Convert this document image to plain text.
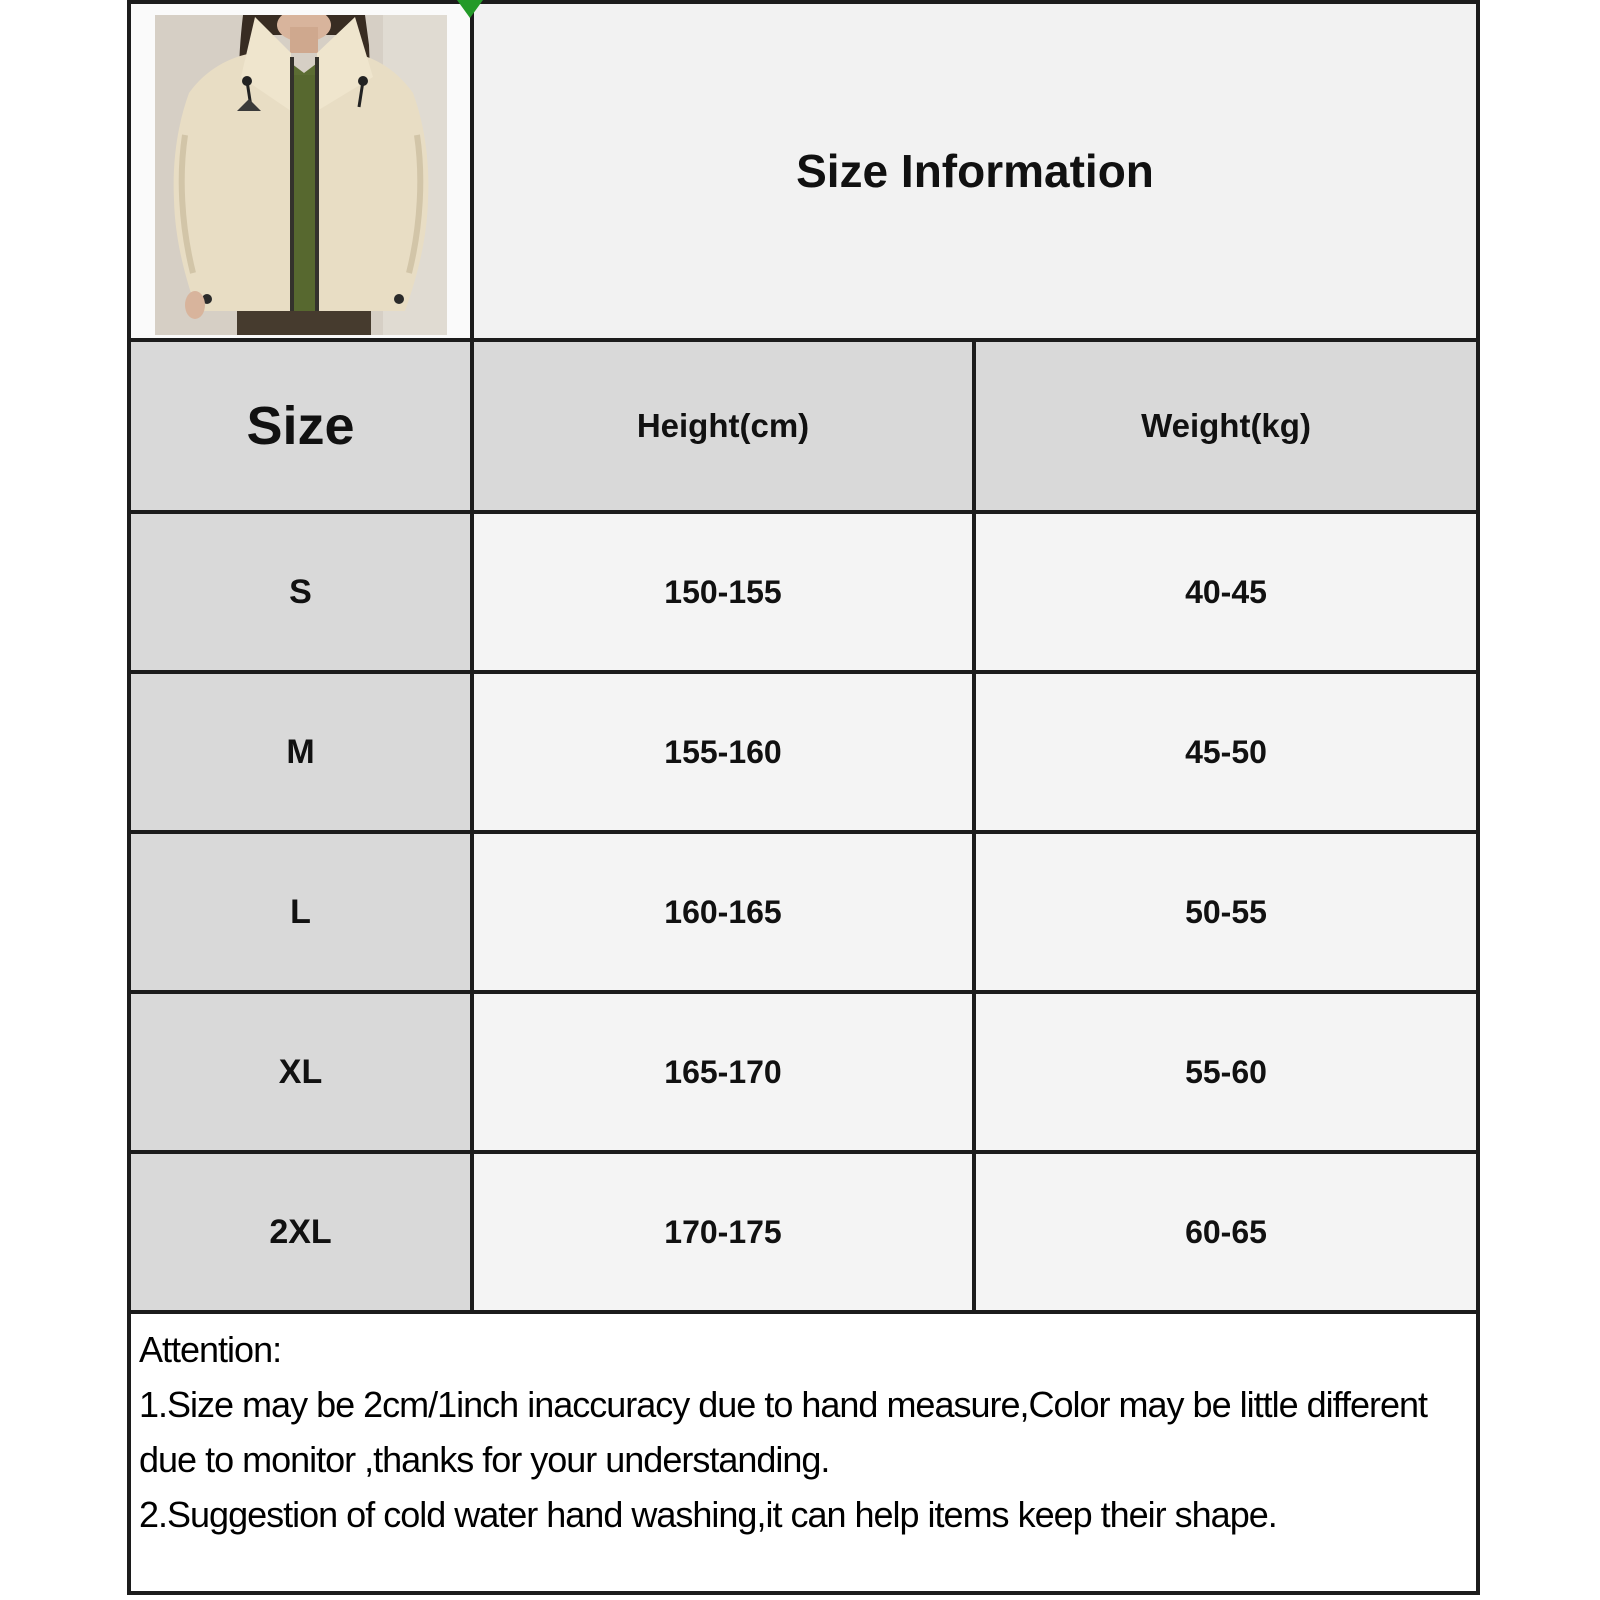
	Size Information	
Size	Height(cm)	Weight(kg)
S	150-155	40-45
M	155-160	45-50
L	160-165	50-55
XL	165-170	55-60
2XL	170-175	60-65

Attention:
1.Size may be 2cm/1inch inaccuracy due to hand measure,Color may be little different due to monitor ,thanks for your understanding.
2.Suggestion of cold water hand washing,it can help items keep their shape.		
